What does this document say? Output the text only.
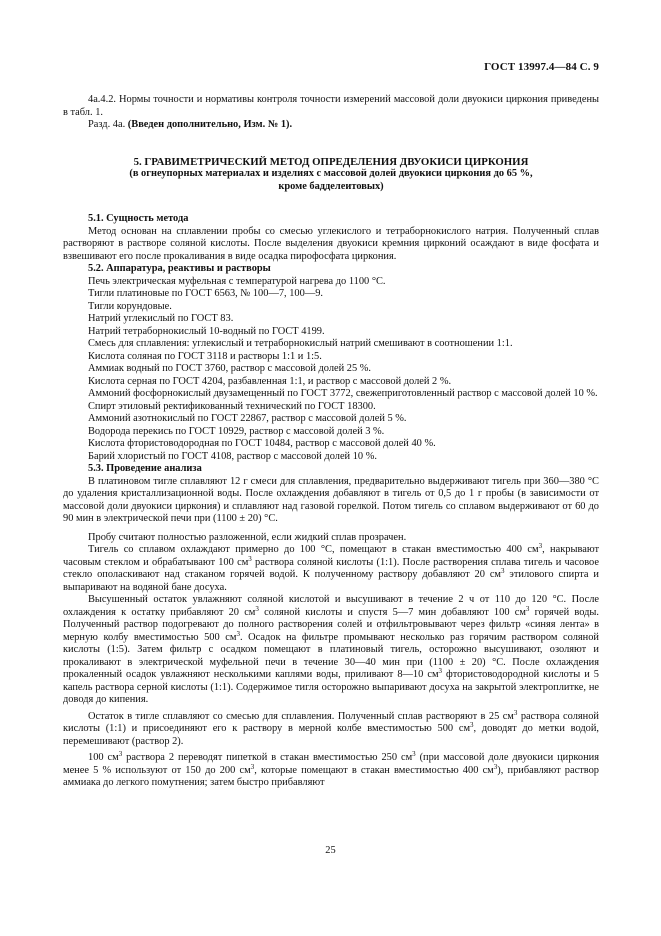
ГОСТ 13997.4—84 С. 9

4а.4.2. Нормы точности и нормативы контроля точности измерений массовой доли двуокиси циркония приведены в табл. 1.

Разд. 4а. (Введен дополнительно, Изм. № 1).

5. ГРАВИМЕТРИЧЕСКИЙ МЕТОД ОПРЕДЕЛЕНИЯ ДВУОКИСИ ЦИРКОНИЯ
(в огнеупорных материалах и изделиях с массовой долей двуокиси циркония до 65 %,
кроме бадделеитовых)
5.1. Сущность метода

Метод основан на сплавлении пробы со смесью углекислого и тетраборнокислого натрия. Полученный сплав растворяют в растворе соляной кислоты. После выделения двуокиси кремния цирконий осаждают в виде фосфата и взвешивают его после прокаливания в виде осадка пирофосфата циркония.

5.2. Аппаратура, реактивы и растворы

Печь электрическая муфельная с температурой нагрева до 1100 °С.

Тигли платиновые по ГОСТ 6563, № 100—7, 100—9.

Тигли корундовые.

Натрий углекислый по ГОСТ 83.

Натрий тетраборнокислый 10-водный по ГОСТ 4199.

Смесь для сплавления: углекислый и тетраборнокислый натрий смешивают в соотношении 1:1.

Кислота соляная по ГОСТ 3118 и растворы 1:1 и 1:5.

Аммиак водный по ГОСТ 3760, раствор с массовой долей 25 %.

Кислота серная по ГОСТ 4204, разбавленная 1:1, и раствор с массовой долей 2 %.

Аммоний фосфорнокислый двузамещенный по ГОСТ 3772, свежеприготовленный раствор с массовой долей 10 %.

Спирт этиловый ректификованный технический по ГОСТ 18300.

Аммоний азотнокислый по ГОСТ 22867, раствор с массовой долей 5 %.

Водорода перекись по ГОСТ 10929, раствор с массовой долей 3 %.

Кислота фтористоводородная по ГОСТ 10484, раствор с массовой долей 40 %.

Барий хлористый по ГОСТ 4108, раствор с массовой долей 10 %.

5.3. Проведение анализа

В платиновом тигле сплавляют 12 г смеси для сплавления, предварительно выдерживают тигель при 360—380 °С до удаления кристаллизационной воды. После охлаждения добавляют в тигель от 0,5 до 1 г пробы (в зависимости от массовой доли двуокиси циркония) и сплавляют над газовой горелкой. Потом тигель со сплавом выдерживают от 60 до 90 мин в электрической печи при (1100 ± 20) °С.

Пробу считают полностью разложенной, если жидкий сплав прозрачен.

Тигель со сплавом охлаждают примерно до 100 °С, помещают в стакан вместимостью 400 $см^3$, накрывают часовым стеклом и обрабатывают 100 $см^3$ раствора соляной кислоты (1:1). После растворения сплава тигель и часовое стекло ополаскивают над стаканом горячей водой. К полученному раствору добавляют 20 $см^3$ этилового спирта и выпаривают на водяной бане досуха.

Высушенный остаток увлажняют соляной кислотой и высушивают в течение 2 ч от 110 до 120 °С. После охлаждения к остатку прибавляют 20 $см^3$ соляной кислоты и спустя 5—7 мин добавляют 100 $см^3$ горячей воды. Полученный раствор подогревают до полного растворения солей и отфильтровывают через фильтр «синяя лента» в мерную колбу вместимостью 500 $см^3$. Осадок на фильтре промывают несколько раз горячим раствором соляной кислоты (1:5). Затем фильтр с осадком помещают в платиновый тигель, осторожно высушивают, озоляют и прокаливают в электрической муфельной печи в течение 30—40 мин при (1100 ± 20) °С. После охлаждения прокаленный осадок увлажняют несколькими каплями воды, приливают 8—10 $см^3$ фтористоводородной кислоты и 5 капель раствора серной кислоты (1:1). Содержимое тигля осторожно выпаривают досуха на закрытой электроплитке, не доводя до кипения.

Остаток в тигле сплавляют со смесью для сплавления. Полученный сплав растворяют в 25 $см^3$ раствора соляной кислоты (1:1) и присоединяют его к раствору в мерной колбе вместимостью 500 $см^3$, доводят до метки водой, перемешивают (раствор 2).

100 $см^3$ раствора 2 переводят пипеткой в стакан вместимостью 250 $см^3$ (при массовой доле двуокиси циркония менее 5 % используют от 150 до 200 $см^3$, которые помещают в стакан вместимостью 400 $см^3$), прибавляют раствор аммиака до легкого помутнения; затем быстро прибавляют

25
